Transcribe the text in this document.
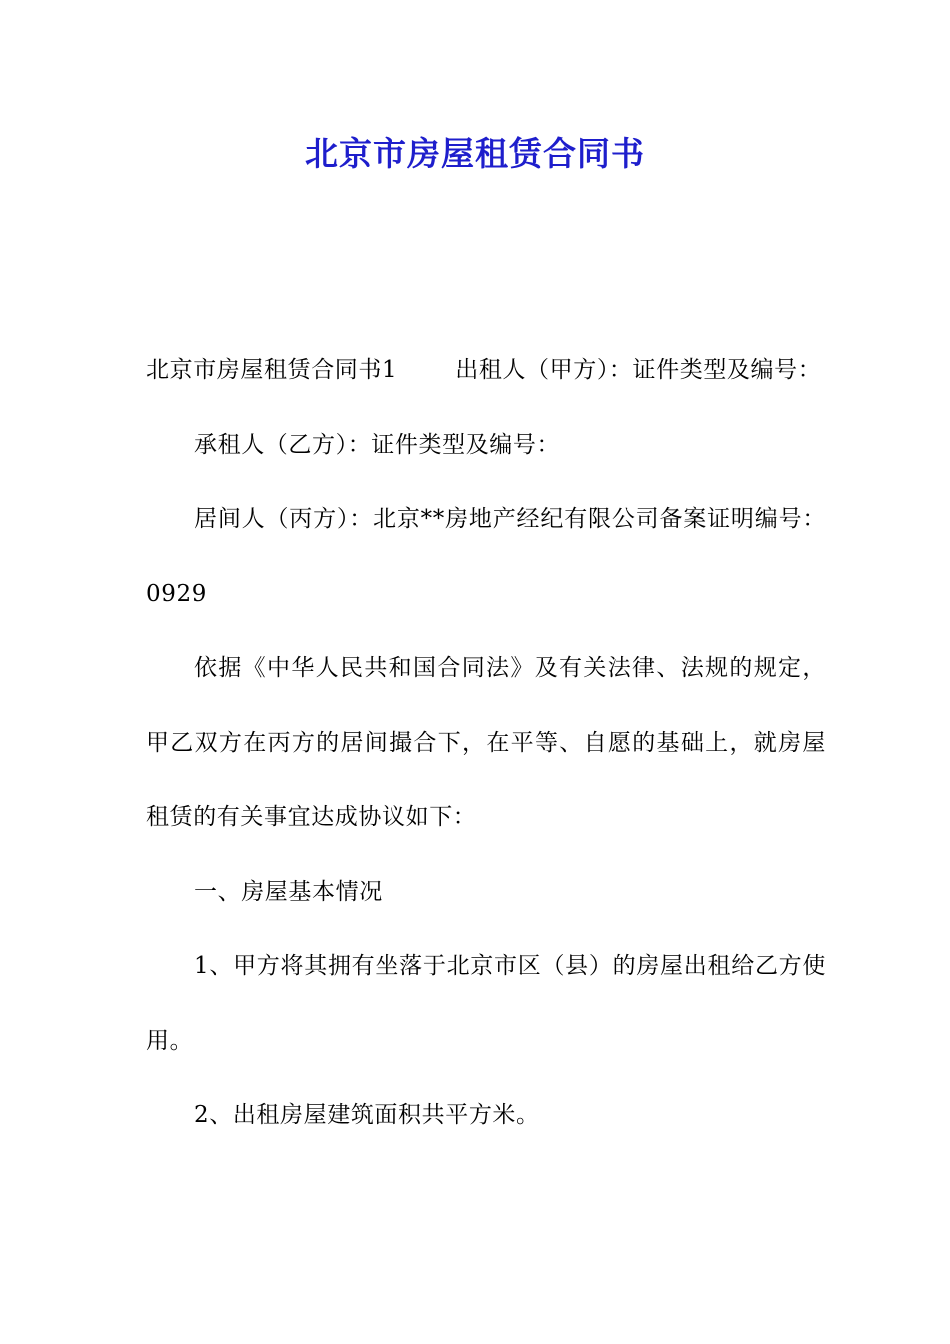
北京市房屋租赁合同书

北京市房屋租赁合同书1	出租人（甲方）：证件类型及编号：

承租人（乙方）：证件类型及编号：

居间人（丙方）：北京**房地产经纪有限公司备案证明编号：0929

依据《中华人民共和国合同法》及有关法律、法规的规定，甲乙双方在丙方的居间撮合下，在平等、自愿的基础上，就房屋租赁的有关事宜达成协议如下：

一、房屋基本情况

1、甲方将其拥有坐落于北京市区（县）的房屋出租给乙方使用。

2、出租房屋建筑面积共平方米。
